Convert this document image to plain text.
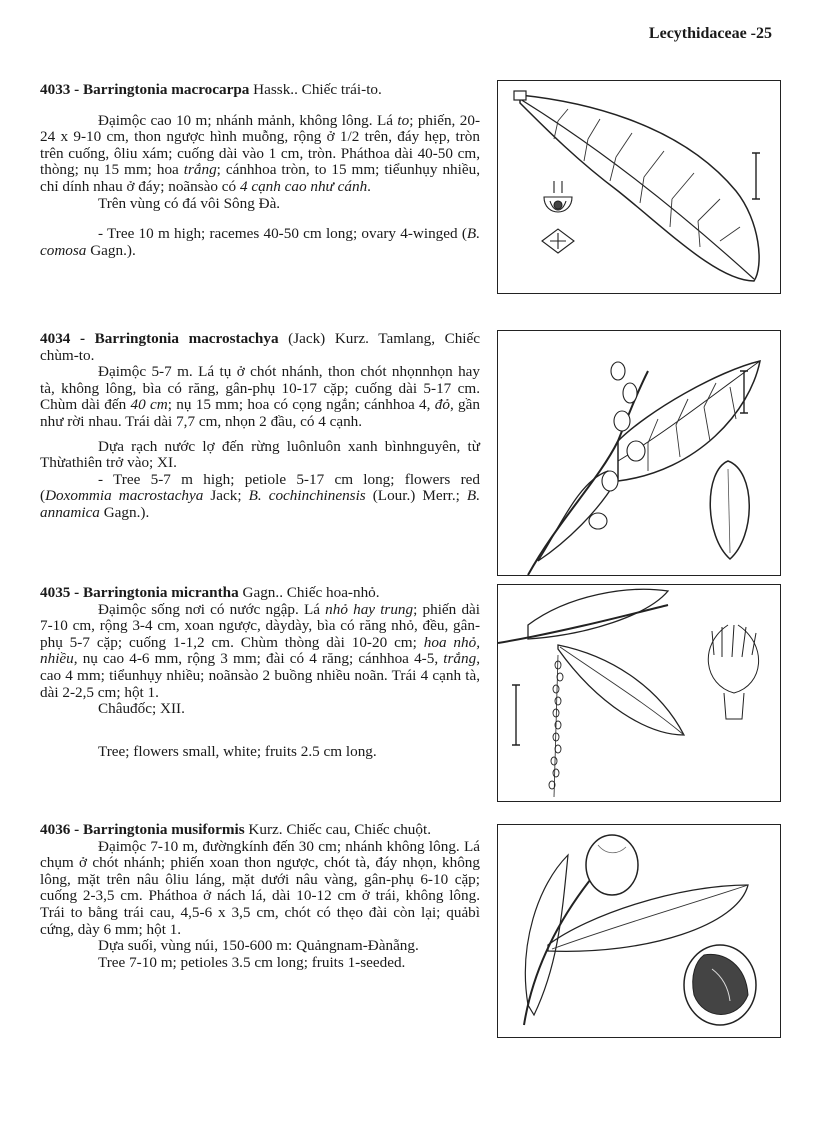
Lecythidaceae -25

4033 - Barringtonia macrocarpa Hassk.. Chiếc trái-to.

Đạimộc cao 10 m; nhánh mảnh, không lông. Lá to; phiến, 20-24 x 9-10 cm, thon ngược hình muỗng, rộng ở 1/2 trên, đáy hẹp, tròn trên cuống, ôliu xám; cuống dài vào 1 cm, tròn. Pháthoa dài 40-50 cm, thòng; nụ 15 mm; hoa trắng; cánhhoa tròn, to 15 mm; tiểunhụy nhiều, chỉ dính nhau ở đáy; noãnsào có 4 cạnh cao như cánh.

Trên vùng có đá vôi Sông Đà.

- Tree 10 m high; racemes 40-50 cm long; ovary 4-winged (B. comosa Gagn.).

4034 - Barringtonia macrostachya (Jack) Kurz. Tamlang, Chiếc chùm-to.

Đạimộc 5-7 m. Lá tụ ở chót nhánh, thon chót nhọnnhọn hay tà, không lông, bìa có răng, gân-phụ 10-17 cặp; cuống dài 5-17 cm. Chùm dài đến 40 cm; nụ 15 mm; hoa có cọng ngắn; cánhhoa 4, đỏ, gần như rời nhau. Trái dài 7,7 cm, nhọn 2 đầu, có 4 cạnh.

Dựa rạch nước lợ đến rừng luônluôn xanh bìnhnguyên, từ Thừathiên trở vào; XI.

- Tree 5-7 m high; petiole 5-17 cm long; flowers red (Doxommia macrostachya Jack; B. cochinchinensis (Lour.) Merr.; B. annamica Gagn.).

4035 - Barringtonia micrantha Gagn.. Chiếc hoa-nhỏ.

Đạimộc sống nơi có nước ngập. Lá nhỏ hay trung; phiến dài 7-10 cm, rộng 3-4 cm, xoan ngược, dàydày, bìa có răng nhỏ, đều, gân-phụ 5-7 cặp; cuống 1-1,2 cm. Chùm thòng dài 10-20 cm; hoa nhỏ, nhiều, nụ cao 4-6 mm, rộng 3 mm; đài có 4 răng; cánhhoa 4-5, trắng, cao 4 mm; tiểunhụy nhiều; noãnsào 2 buồng nhiều noãn. Trái 4 cạnh tà, dài 2-2,5 cm; hột 1.

Châuđốc; XII.

Tree; flowers small, white; fruits 2.5 cm long.

4036 - Barringtonia musiformis Kurz. Chiếc cau, Chiếc chuột.

Đạimộc 7-10 m, đườngkính đến 30 cm; nhánh không lông. Lá chụm ở chót nhánh; phiến xoan thon ngược, chót tà, đáy nhọn, không lông, mặt trên nâu ôliu láng, mặt dưới nâu vàng, gân-phụ 6-10 cặp; cuống 2-3,5 cm. Pháthoa ở nách lá, dài 10-12 cm ở trái, không lông. Trái to bằng trái cau, 4,5-6 x 3,5 cm, chót có thẹo đài còn lại; quảbì cứng, dày 6 mm; hột 1.

Dựa suối, vùng núi, 150-600 m: Quảngnam-Đànẵng.

Tree 7-10 m; petioles 3.5 cm long; fruits 1-seeded.
